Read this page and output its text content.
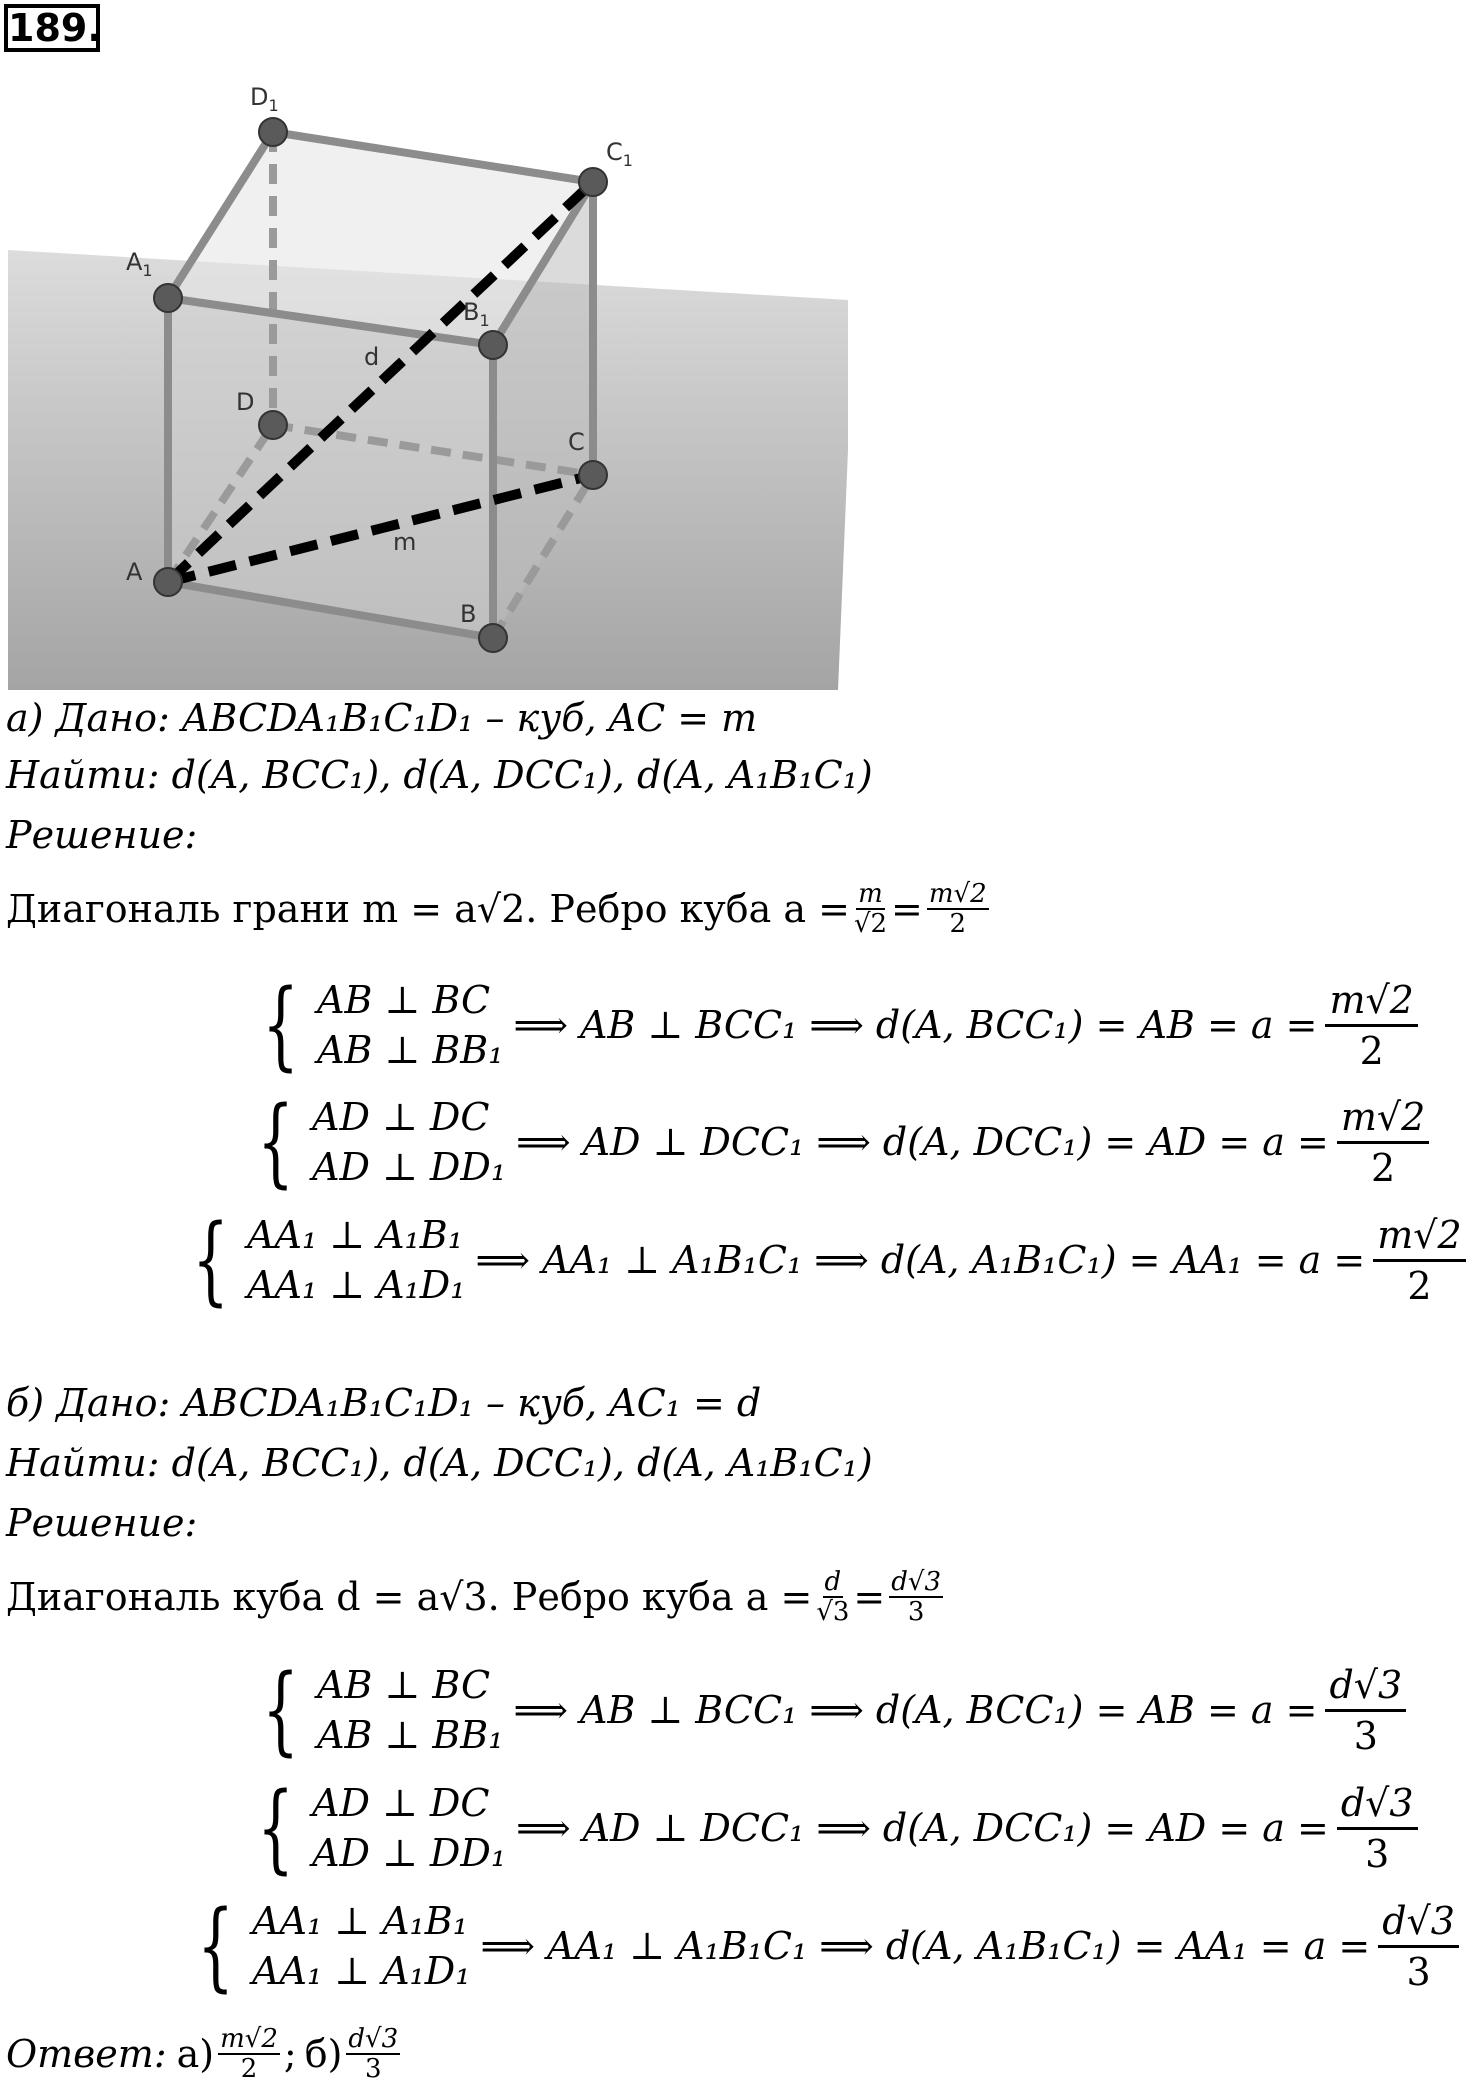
189.
$D_1$
$C_1$
$A_1$
$B_1$
D
C
A
B
d
m
а) Дано: ABCDA₁B₁C₁D₁ – куб, AC = m
Найти: d(A, BCC₁), d(A, DCC₁), d(A, A₁B₁C₁)
Решение:
Диагональ грани m = a√2. Ребро куба $a = \frac{m}{√2} = \frac{m√2}{2}$
{ AB ⊥ BC
AB ⊥ BB₁
⟹ AB ⊥ BCC₁ ⟹ d(A, BCC₁) = AB = $a = \frac{m√2}{2}$
{ AD ⊥ DC
AD ⊥ DD₁
⟹ AD ⊥ DCC₁ ⟹ d(A, DCC₁) = AD = $a = \frac{m√2}{2}$
{ AA₁ ⊥ A₁B₁
AA₁ ⊥ A₁D₁
⟹ AA₁ ⊥ A₁B₁C₁ ⟹ d(A, $A_1B_1C_1) = AA_1 = a = \frac{m√2}{2}$
б) Дано: ABCDA₁B₁C₁D₁ – куб, AC₁ = d
Найти: d(A, BCC₁), d(A, DCC₁), d(A, A₁B₁C₁)
Решение:
Диагональ куба d = a√3. Ребро куба $a = \frac{d}{√3} = \frac{d√3}{3}$
{ AB ⊥ BC
AB ⊥ BB₁
⟹ AB ⊥ BCC₁ ⟹ d(A, BCC₁) = AB = $a = \frac{d√3}{3}$
{ AD ⊥ DC
AD ⊥ DD₁
⟹ AD ⊥ DCC₁ ⟹ d(A, DCC₁) = AD = $a = \frac{d√3}{3}$
{ AA₁ ⊥ A₁B₁
AA₁ ⊥ A₁D₁
⟹ AA₁ ⊥ A₁B₁C₁ ⟹ d(A, $A_1B_1C_1) = AA_1 = a = \frac{d√3}{3}$
Ответ: а) m√2
2 ; б) d√3
3
